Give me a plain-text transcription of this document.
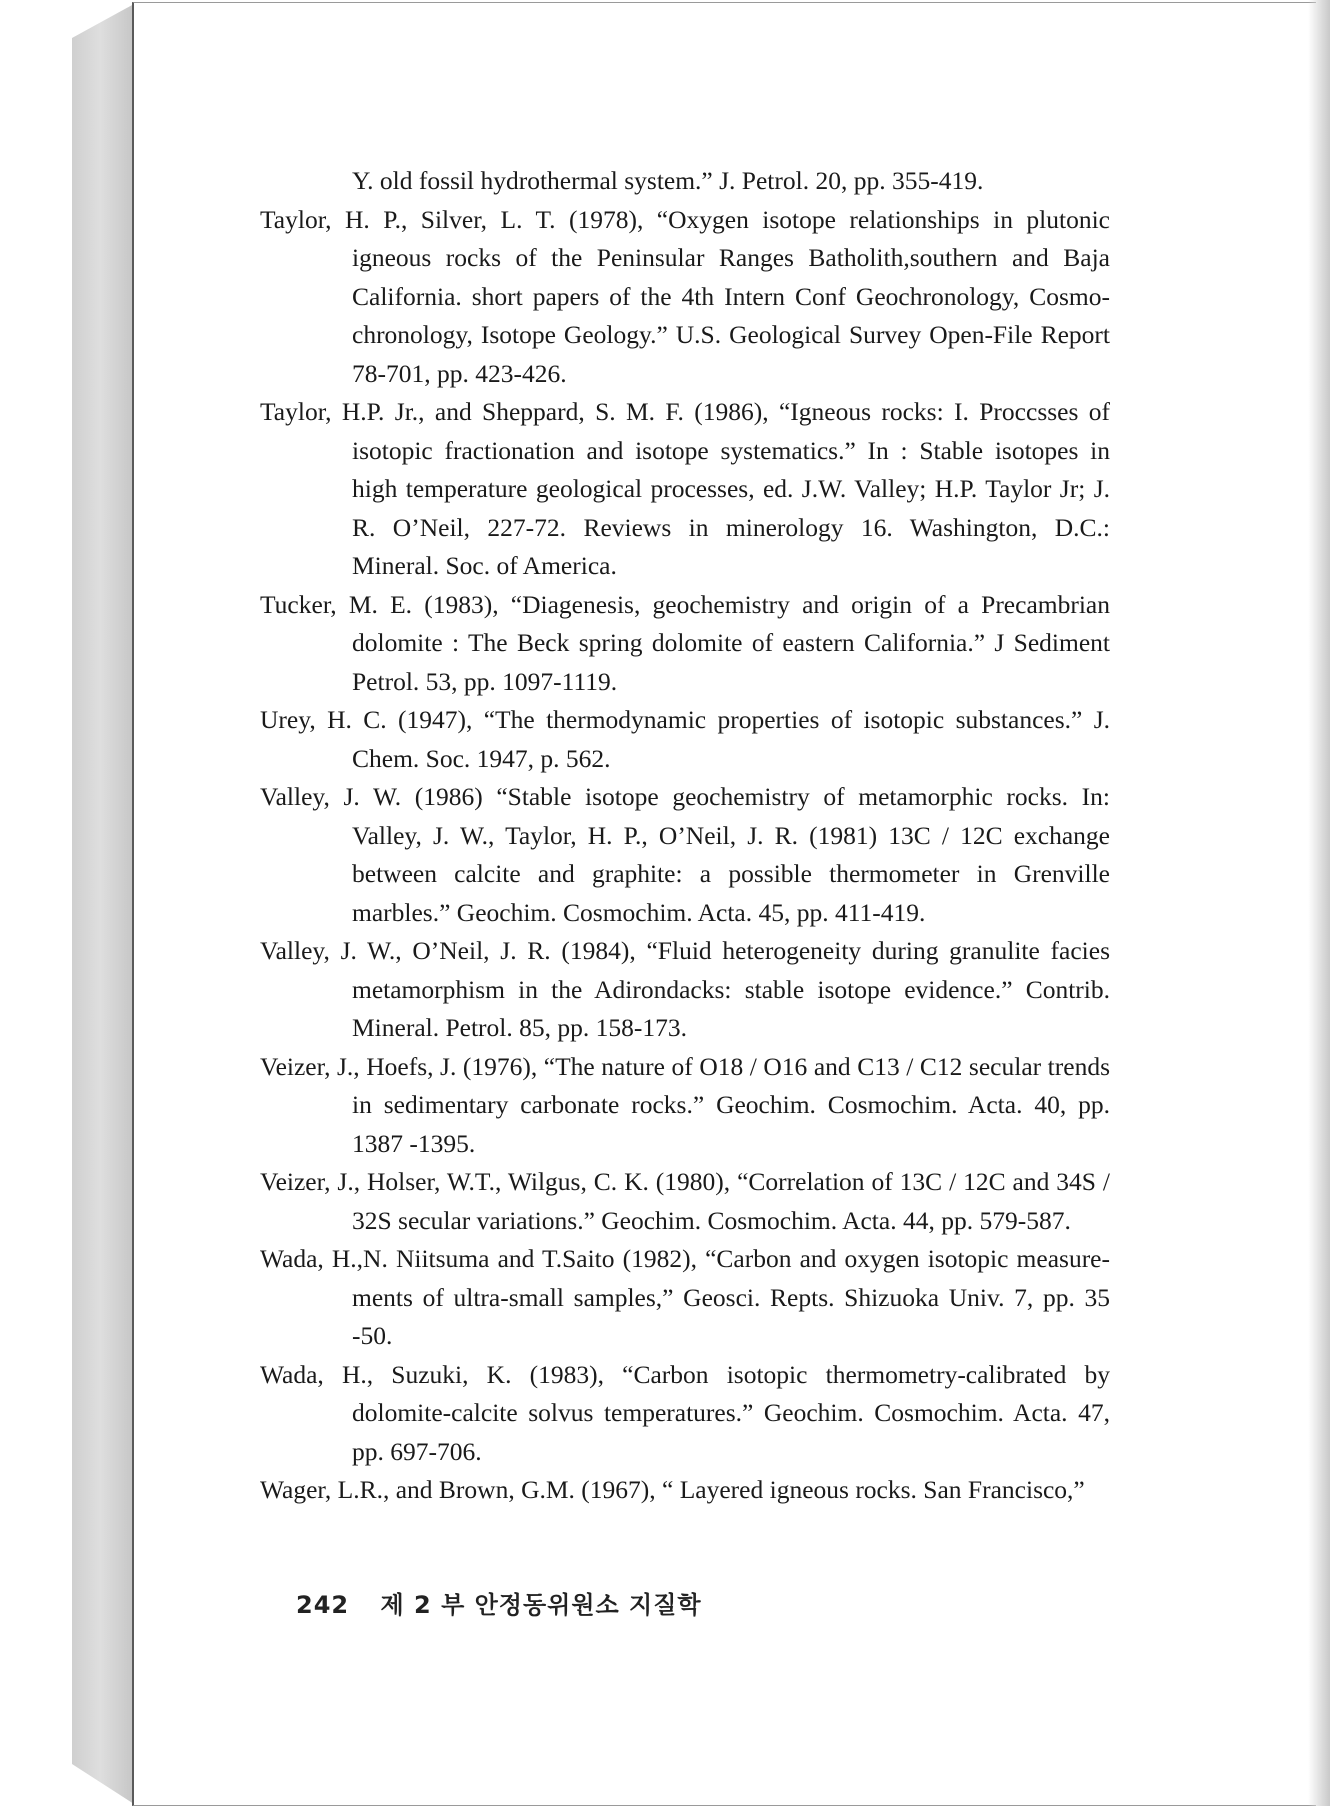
Y. old fossil hydrothermal system.” J. Petrol. 20, pp. 355-419.

Taylor, H. P., Silver, L. T. (1978), “Oxygen isotope relationships in plutonic igneous rocks of the Peninsular Ranges Batholith,southern and Baja California. short papers of the 4th Intern Conf Geochronology, Cosmo-chronology, Isotope Geology.” U.S. Geological Survey Open-File Report 78-701, pp. 423-426.

Taylor, H.P. Jr., and Sheppard, S. M. F. (1986), “Igneous rocks: I. Proccsses of isotopic fractionation and isotope systematics.” In : Stable isotopes in high temperature geological processes, ed. J.W. Valley; H.P. Taylor Jr; J. R. O’Neil, 227-72. Reviews in minerology 16. Washington, D.C.: Mineral. Soc. of America.

Tucker, M. E. (1983), “Diagenesis, geochemistry and origin of a Precambrian dolomite : The Beck spring dolomite of eastern California.” J Sediment Petrol. 53, pp. 1097-1119.

Urey, H. C. (1947), “The thermodynamic properties of isotopic substances.” J. Chem. Soc. 1947, p. 562.

Valley, J. W. (1986) “Stable isotope geochemistry of metamorphic rocks. In: Valley, J. W., Taylor, H. P., O’Neil, J. R. (1981) 13C / 12C exchange between calcite and graphite: a possible thermometer in Grenville marbles.” Geochim. Cosmochim. Acta. 45, pp. 411-419.

Valley, J. W., O’Neil, J. R. (1984), “Fluid heterogeneity during granulite facies metamorphism in the Adirondacks: stable isotope evidence.” Contrib. Mineral. Petrol. 85, pp. 158-173.

Veizer, J., Hoefs, J. (1976), “The nature of O18 / O16 and C13 / C12 secular trends in sedimentary carbonate rocks.” Geochim. Cosmochim. Acta. 40, pp. 1387 -1395.

Veizer, J., Holser, W.T., Wilgus, C. K. (1980), “Correlation of 13C / 12C and 34S / 32S secular variations.” Geochim. Cosmochim. Acta. 44, pp. 579-587.

Wada, H.,N. Niitsuma and T.Saito (1982), “Carbon and oxygen isotopic measure-ments of ultra-small samples,” Geosci. Repts. Shizuoka Univ. 7, pp. 35 -50.

Wada, H., Suzuki, K. (1983), “Carbon isotopic thermometry-calibrated by dolomite-calcite solvus temperatures.” Geochim. Cosmochim. Acta. 47, pp. 697-706.

Wager, L.R., and Brown, G.M. (1967), “ Layered igneous rocks. San Francisco,”

242 제 2 부 안정동위원소 지질학
